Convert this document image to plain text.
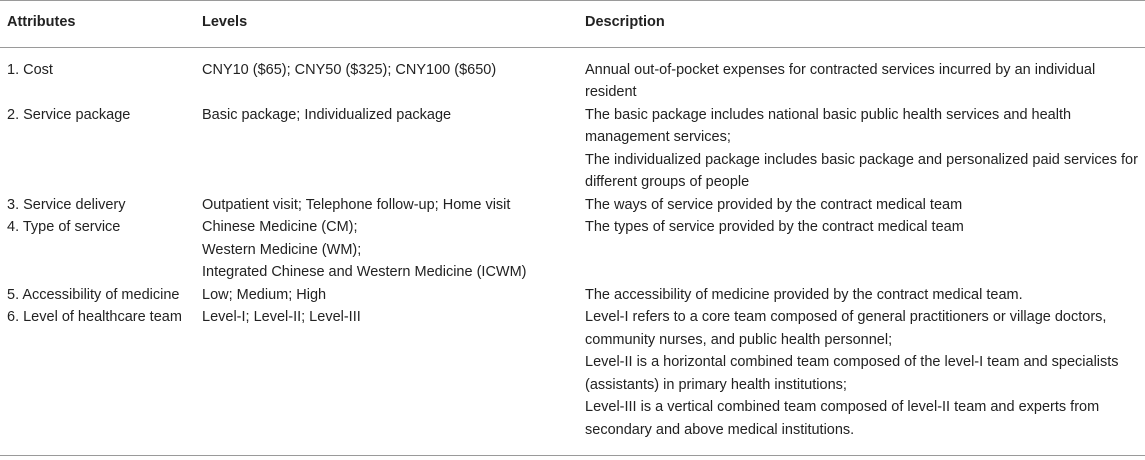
Attributes	Levels	Description
1. Cost	CNY10 ($65); CNY50 ($325); CNY100 ($650)	Annual out-of-pocket expenses for contracted services incurred by an individual resident

2. Service package	Basic package; Individualized package	The basic package includes national basic public health services and health management services;
The individualized package includes basic package and personalized paid services for different groups of people

3. Service delivery	Outpatient visit; Telephone follow-up; Home visit	The ways of service provided by the contract medical team

4. Type of service	Chinese Medicine (CM);
Western Medicine (WM);
Integrated Chinese and Western Medicine (ICWM)	The types of service provided by the contract medical team

5. Accessibility of medicine	Low; Medium; High	The accessibility of medicine provided by the contract medical team.

6. Level of healthcare team	Level-I; Level-II; Level-III	Level-I refers to a core team composed of general practitioners or village doctors, community nurses, and public health personnel;
Level-II is a horizontal combined team composed of the level-I team and specialists (assistants) in primary health institutions;
Level-III is a vertical combined team composed of level-II team and experts from secondary and above medical institutions.
